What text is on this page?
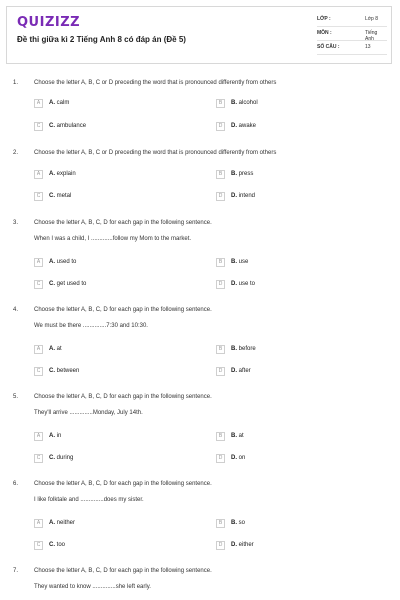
QUIZIZZ
Đề thi giữa kì 2 Tiếng Anh 8 có đáp án (Đề 5)
LỚP :	Lớp 8
MÔN :	Tiếng Anh
SỐ CÂU :	13
1.	Choose the letter A, B, C or D preceding the word that is pronounced differently from others
A	A. calm	B	B. alcohol
C	C. ambulance	D	D. awake
2.	Choose the letter A, B, C or D preceding the word that is pronounced differently from others
A	A. explain	B	B. press
C	C. metal	D	D. intend
3.	Choose the letter A, B, C, D for each gap in the following sentence.
When I was a child, I .............follow my Mom to the market.
A	A. used to	B	B. use
C	C. get used to	D	D. use to
4.	Choose the letter A, B, C, D for each gap in the following sentence.
We must be there ..............7:30 and 10:30.
A	A. at	B	B. before
C	C. between	D	D. after
5.	Choose the letter A, B, C, D for each gap in the following sentence.
They'll arrive ..............Monday, July 14th.
A	A. in	B	B. at
C	C. during	D	D. on
6.	Choose the letter A, B, C, D for each gap in the following sentence.
I like folktale and ..............does my sister.
A	A. neither	B	B. so
C	C. too	D	D. either
7.	Choose the letter A, B, C, D for each gap in the following sentence.
They wanted to know ..............she left early.
